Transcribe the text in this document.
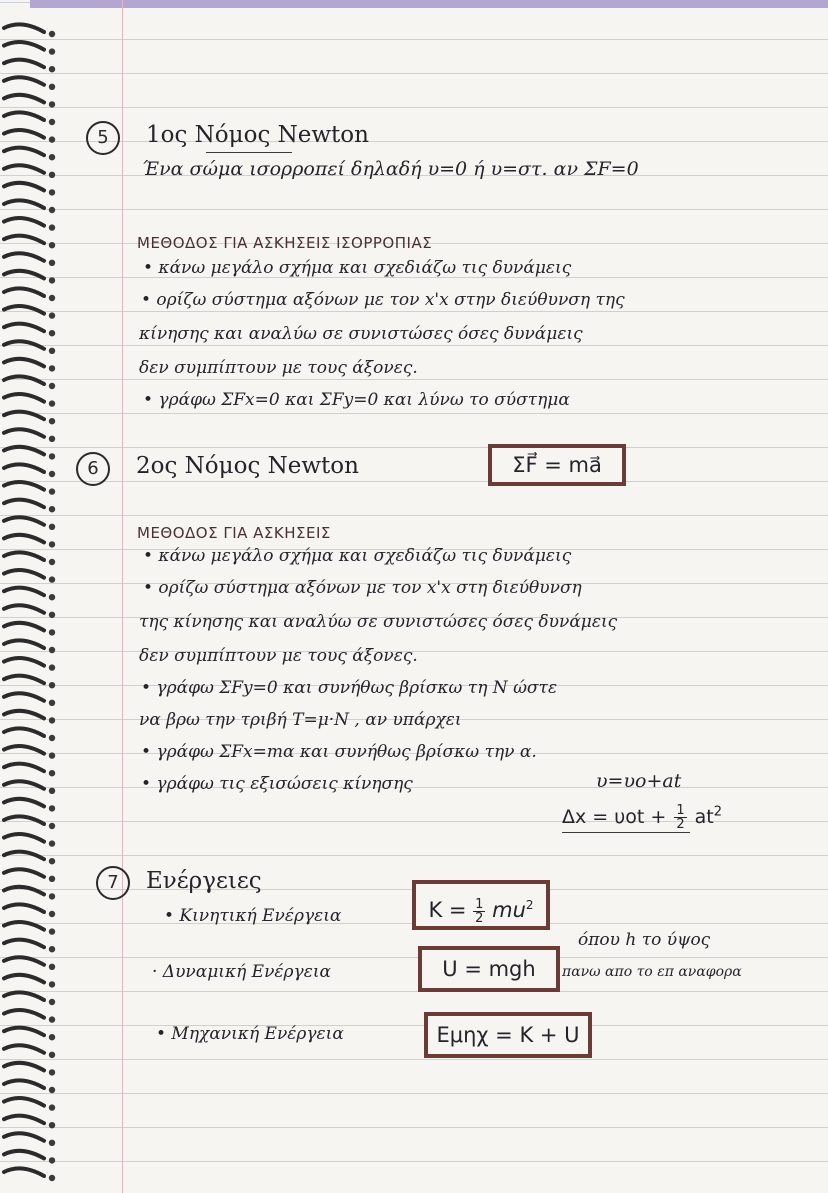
5	1ος Νόμος Newton
Ένα σώμα ισορροπεί δηλαδή υ=0 ή υ=στ. αν ΣF=0
ΜΕΘΟΔΟΣ ΓΙΑ ΑΣΚΗΣΕΙΣ ΙΣΟΡΡΟΠΙΑΣ
• κάνω μεγάλο σχήμα και σχεδιάζω τις δυνάμεις
• ορίζω σύστημα αξόνων με τον x'x στην διεύθυνση της
κίνησης και αναλύω σε συνιστώσες όσες δυνάμεις
δεν συμπίπτουν με τους άξονες.
• γράφω ΣFx=0 και ΣFy=0 και λύνω το σύστημα
6	2ος Νόμος Newton	ΣF⃗ = ma⃗
ΜΕΘΟΔΟΣ ΓΙΑ ΑΣΚΗΣΕΙΣ
• κάνω μεγάλο σχήμα και σχεδιάζω τις δυνάμεις
• ορίζω σύστημα αξόνων με τον x'x στη διεύθυνση
της κίνησης και αναλύω σε συνιστώσες όσες δυνάμεις
δεν συμπίπτουν με τους άξονες.
• γράφω ΣFy=0 και συνήθως βρίσκω τη Ν ώστε
να βρω την τριβή T=μ·N , αν υπάρχει
• γράφω ΣFx=mα και συνήθως βρίσκω την α.
• γράφω τις εξισώσεις κίνησης	υ=υo+at
$\Delta x = \upsilon ot + \frac{1}{2} at^2$
7	Ενέργειες
• Κινητική Ενέργεια	$K = \frac{1}{2} mu^2$
· Δυναμική Ενέργεια	U = mgh
όπου h το ύψος
πανω απο το επ αναφορα
• Μηχανική Ενέργεια	Eμηχ = K + U
